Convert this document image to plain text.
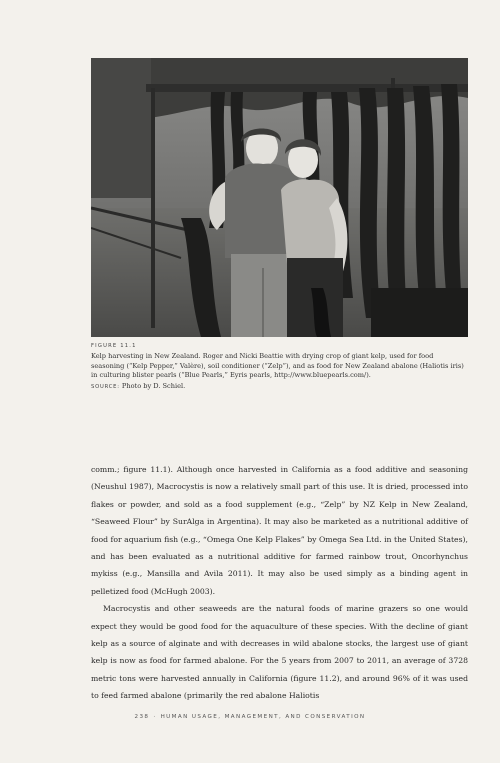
FIGURE 11.1

Kelp harvesting in New Zealand. Roger and Nicki Beattie with drying crop of giant kelp, used for food seasoning (“Kelp Pepper,” Valère), soil conditioner (“Zelp”), and as food for New Zealand abalone (Haliotis iris) in culturing blister pearls (“Blue Pearls,” Eyris pearls, http://www.bluepearls.com/).

SOURCE: Photo by D. Schiel.

comm.; figure 11.1). Although once harvested in California as a food additive and seasoning (Neushul 1987), Macrocystis is now a relatively small part of this use. It is dried, processed into flakes or powder, and sold as a food supplement (e.g., “Zelp” by NZ Kelp in New Zealand, “Seaweed Flour” by SurAlga in Argentina). It may also be marketed as a nutritional additive of food for aquarium fish (e.g., “Omega One Kelp Flakes” by Omega Sea Ltd. in the United States), and has been evaluated as a nutritional additive for farmed rainbow trout, Oncorhynchus mykiss (e.g., Mansilla and Avila 2011). It may also be used simply as a binding agent in pelletized food (McHugh 2003).

Macrocystis and other seaweeds are the natural foods of marine grazers so one would expect they would be good food for the aquaculture of these species. With the decline of giant kelp as a source of alginate and with decreases in wild abalone stocks, the largest use of giant kelp is now as food for farmed abalone. For the 5 years from 2007 to 2011, an average of 3728 metric tons were harvested annually in California (figure 11.2), and around 96% of it was used to feed farmed abalone (primarily the red abalone Haliotis

238 · HUMAN USAGE, MANAGEMENT, AND CONSERVATION
